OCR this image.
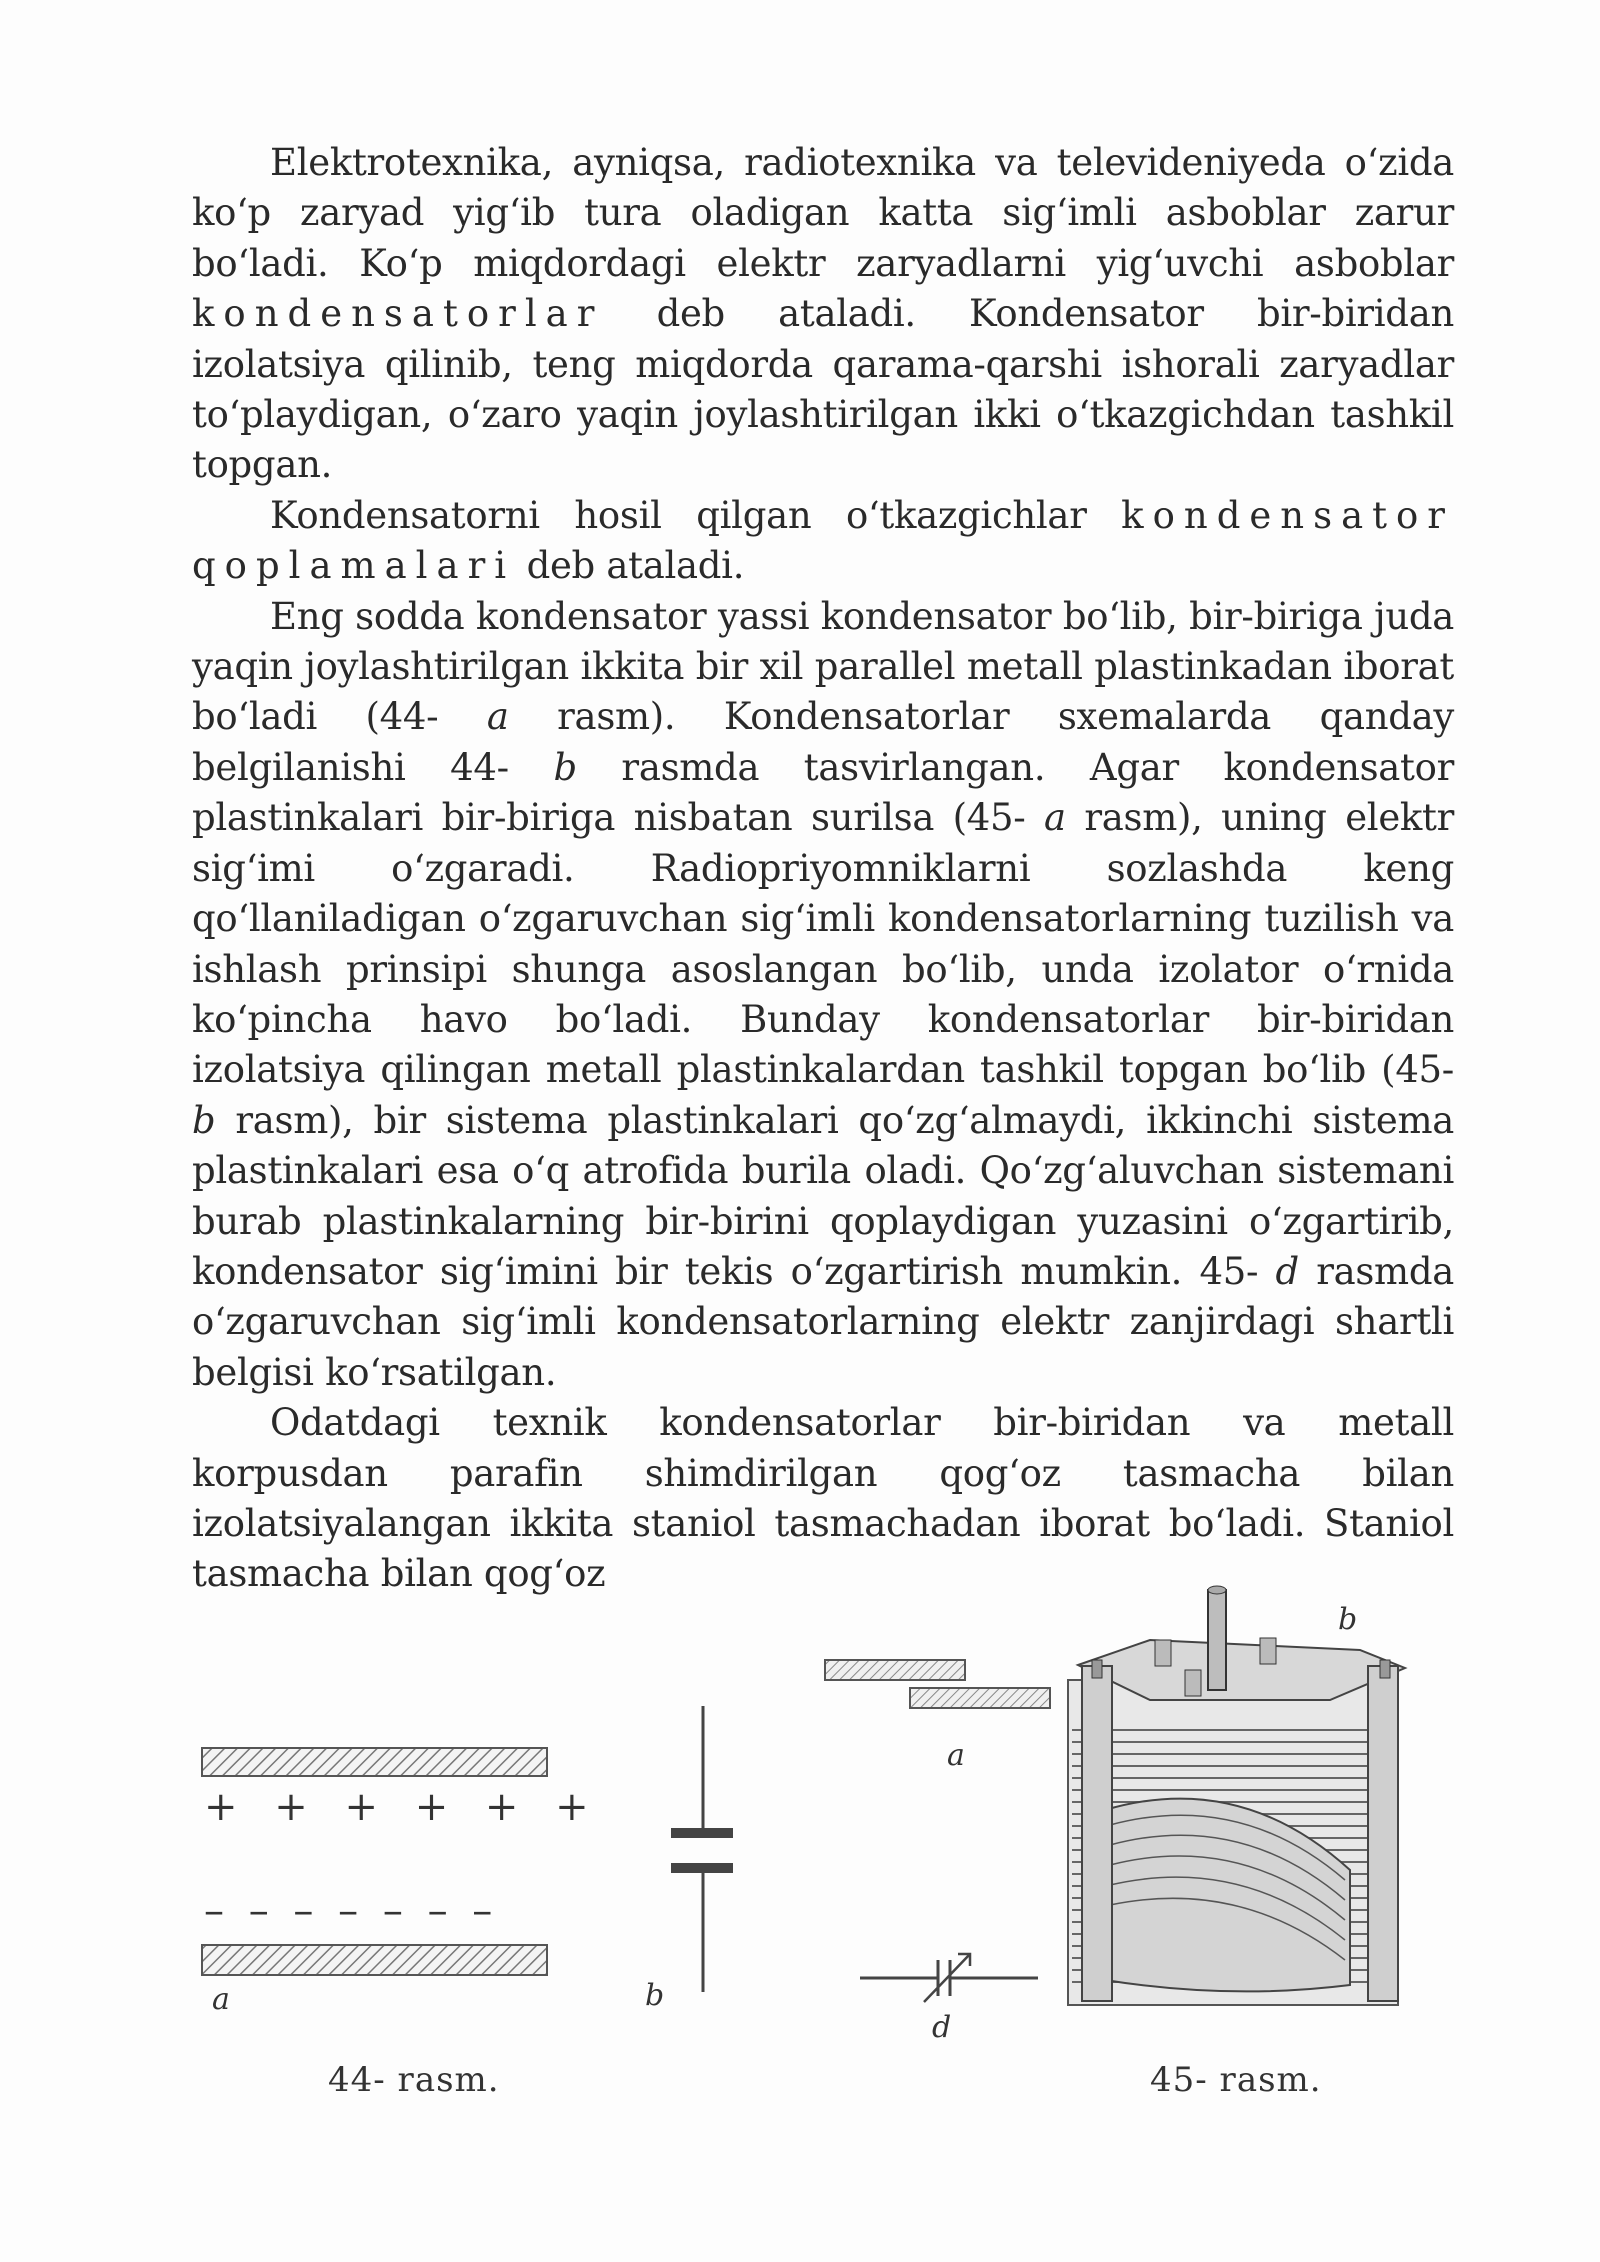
Elektrotexnika, ayniqsa, radiotexnika va televideniyeda o‘zida ko‘p zaryad yig‘ib tura oladigan katta sig‘imli asboblar zarur bo‘ladi. Ko‘p miqdordagi elektr zaryadlarni yig‘uvchi asboblar kondensatorlar deb ataladi. Kondensator bir-biridan izolatsiya qilinib, teng miqdorda qarama-qarshi ishorali zaryadlar to‘playdigan, o‘zaro yaqin joylashtirilgan ikki o‘tkazgichdan tashkil topgan.

Kondensatorni hosil qilgan o‘tkazgichlar kondensator qoplamalari deb ataladi.

Eng sodda kondensator yassi kondensator bo‘lib, bir-biriga juda yaqin joylashtirilgan ikkita bir xil parallel metall plastinkadan iborat bo‘ladi (44- a rasm). Kondensatorlar sxemalarda qanday belgilanishi 44- b rasmda tasvirlangan. Agar kondensator plastinkalari bir-biriga nisbatan surilsa (45- a rasm), uning elektr sig‘imi o‘zgaradi. Radiopriyomniklarni sozlashda keng qo‘llaniladigan o‘zgaruvchan sig‘imli kondensatorlarning tuzilish va ishlash prinsipi shunga asoslangan bo‘lib, unda izolator o‘rnida ko‘pincha havo bo‘ladi. Bunday kondensatorlar bir-biridan izolatsiya qilingan metall plastinkalardan tashkil topgan bo‘lib (45- b rasm), bir sistema plastinkalari qo‘zg‘almaydi, ikkinchi sistema plastinkalari esa o‘q atrofida burila oladi. Qo‘zg‘aluvchan sistemani burab plastinkalarning bir-birini qoplaydigan yuzasini o‘zgartirib, kondensator sig‘imini bir tekis o‘zgartirish mumkin. 45- d rasmda o‘zgaruvchan sig‘imli kondensatorlarning elektr zanjirdagi shartli belgisi ko‘rsatilgan.

Odatdagi texnik kondensatorlar bir-biridan va metall korpusdan parafin shimdirilgan qog‘oz tasmacha bilan izolatsiyalangan ikkita staniol tasmachadan iborat bo‘ladi. Staniol tasmacha bilan qog‘oz

+ + + + + +
– – – – – – –
a	b
44- rasm.
a
b
d
45- rasm.
